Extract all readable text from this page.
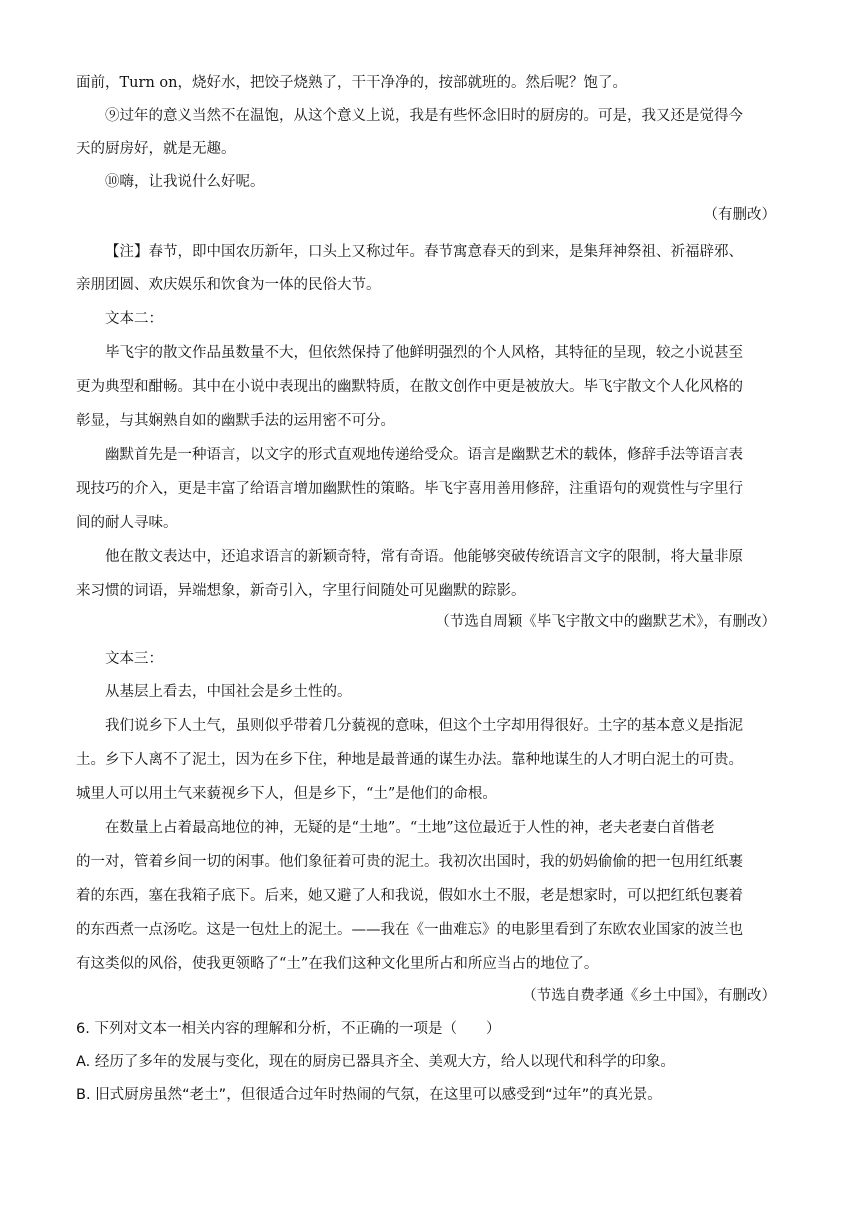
面前，Turn on，烧好水，把饺子烧熟了，干干净净的，按部就班的。然后呢？饱了。

⑨过年的意义当然不在温饱，从这个意义上说，我是有些怀念旧时的厨房的。可是，我又还是觉得今

天的厨房好，就是无趣。

⑩嗨，让我说什么好呢。

（有删改）

【注】春节，即中国农历新年，口头上又称过年。春节寓意春天的到来，是集拜神祭祖、祈福辟邪、

亲朋团圆、欢庆娱乐和饮食为一体的民俗大节。

文本二：

毕飞宇的散文作品虽数量不大，但依然保持了他鲜明强烈的个人风格，其特征的呈现，较之小说甚至

更为典型和酣畅。其中在小说中表现出的幽默特质，在散文创作中更是被放大。毕飞宇散文个人化风格的

彰显，与其娴熟自如的幽默手法的运用密不可分。

幽默首先是一种语言，以文字的形式直观地传递给受众。语言是幽默艺术的载体，修辞手法等语言表

现技巧的介入，更是丰富了给语言增加幽默性的策略。毕飞宇喜用善用修辞，注重语句的观赏性与字里行

间的耐人寻味。

他在散文表达中，还追求语言的新颖奇特，常有奇语。他能够突破传统语言文字的限制，将大量非原

来习惯的词语，异端想象，新奇引入，字里行间随处可见幽默的踪影。

（节选自周颖《毕飞宇散文中的幽默艺术》，有删改）

文本三：

从基层上看去，中国社会是乡土性的。

我们说乡下人土气，虽则似乎带着几分藐视的意味，但这个土字却用得很好。土字的基本意义是指泥

土。乡下人离不了泥土，因为在乡下住，种地是最普通的谋生办法。靠种地谋生的人才明白泥土的可贵。

城里人可以用土气来藐视乡下人，但是乡下，“土”是他们的命根。

在数量上占着最高地位的神，无疑的是“土地”。“土地”这位最近于人性的神，老夫老妻白首偕老

的一对，管着乡间一切的闲事。他们象征着可贵的泥土。我初次出国时，我的奶妈偷偷的把一包用红纸裹

着的东西，塞在我箱子底下。后来，她又避了人和我说，假如水土不服，老是想家时，可以把红纸包裹着

的东西煮一点汤吃。这是一包灶上的泥土。——我在《一曲难忘》的电影里看到了东欧农业国家的波兰也

有这类似的风俗，使我更领略了“土”在我们这种文化里所占和所应当占的地位了。

（节选自费孝通《乡土中国》，有删改）

6. 下列对文本一相关内容的理解和分析，不正确的一项是（　　）

A. 经历了多年的发展与变化，现在的厨房已器具齐全、美观大方，给人以现代和科学的印象。

B. 旧式厨房虽然“老土”，但很适合过年时热闹的气氛，在这里可以感受到“过年”的真光景。
